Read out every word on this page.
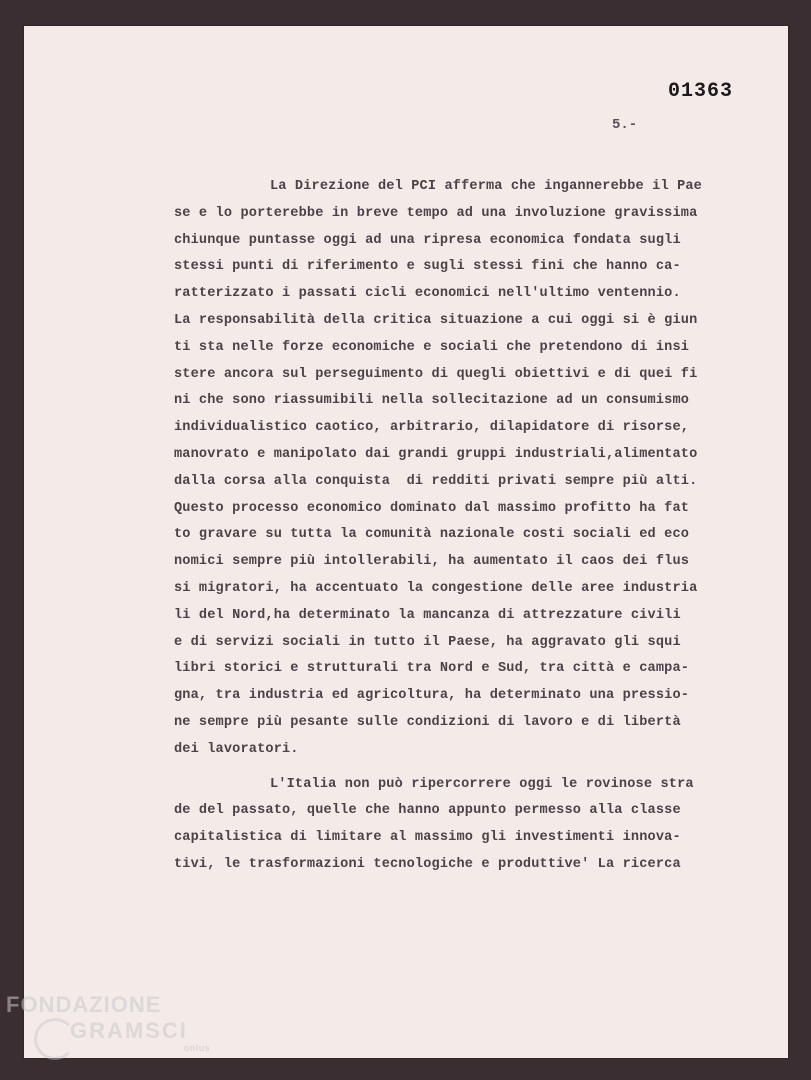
01363
5.-
La Direzione del PCI afferma che ingannerebbe il Pae
se e lo porterebbe in breve tempo ad una involuzione gravissima
chiunque puntasse oggi ad una ripresa economica fondata sugli
stessi punti di riferimento e sugli stessi fini che hanno ca-
ratterizzato i passati cicli economici nell'ultimo ventennio.
La responsabilità della critica situazione a cui oggi si è giun
ti sta nelle forze economiche e sociali che pretendono di insi
stere ancora sul perseguimento di quegli obiettivi e di quei fi
ni che sono riassumibili nella sollecitazione ad un consumismo
individualistico caotico, arbitrario, dilapidatore di risorse,
manovrato e manipolato dai grandi gruppi industriali,alimentato
dalla corsa alla conquista  di redditi privati sempre più alti.
Questo processo economico dominato dal massimo profitto ha fat
to gravare su tutta la comunità nazionale costi sociali ed eco
nomici sempre più intollerabili, ha aumentato il caos dei flus
si migratori, ha accentuato la congestione delle aree industria
li del Nord,ha determinato la mancanza di attrezzature civili
e di servizi sociali in tutto il Paese, ha aggravato gli squi
libri storici e strutturali tra Nord e Sud, tra città e campa-
gna, tra industria ed agricoltura, ha determinato una pressio-
ne sempre più pesante sulle condizioni di lavoro e di libertà
dei lavoratori.
L'Italia non può ripercorrere oggi le rovinose stra
de del passato, quelle che hanno appunto permesso alla classe
capitalistica di limitare al massimo gli investimenti innova-
tivi, le trasformazioni tecnologiche e produttive' La ricerca
FONDAZIONE
GRAMSCI
onlus
